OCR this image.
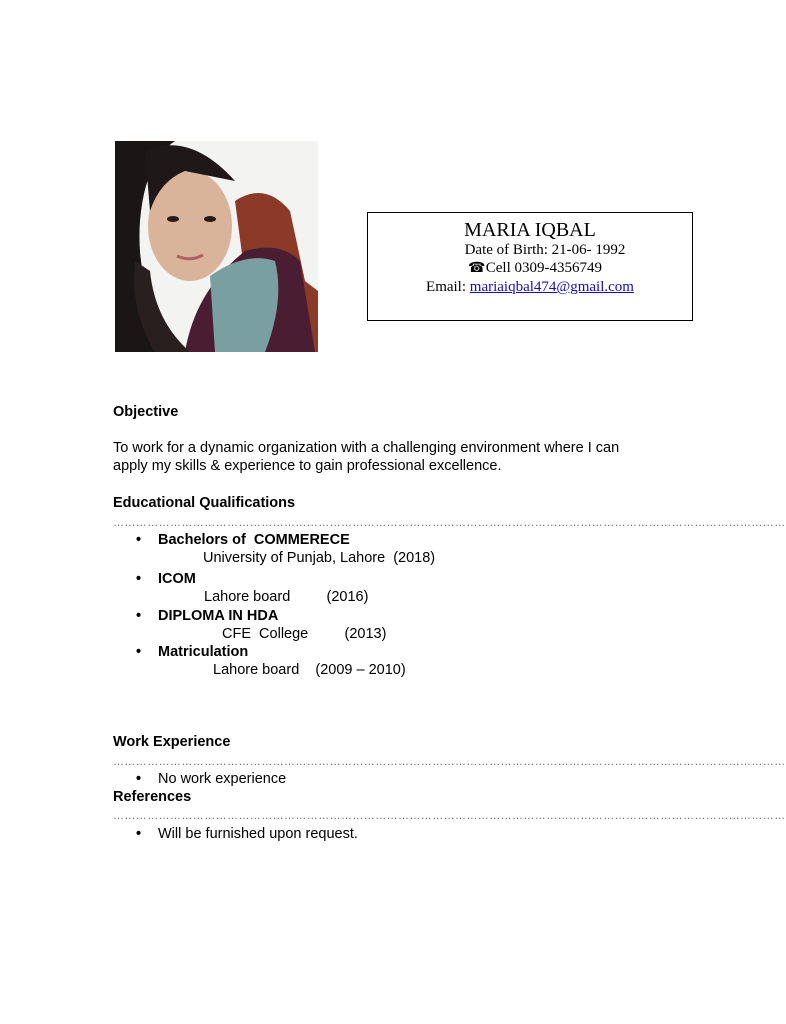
MARIA IQBAL
Date of Birth: 21-06- 1992
☎ Cell 0309-4356749
Email: mariaiqbal474@gmail.com
Objective
To work for a dynamic organization with a challenging environment where I can
apply my skills & experience to gain professional excellence.
Educational Qualifications
……………………………………………………………………………………………………………………………………………………………
• Bachelors of  COMMERECE
University of Punjab, Lahore  (2018)
• ICOM
Lahore board         (2016)
• DIPLOMA IN HDA
CFE  College         (2013)
• Matriculation
Lahore board    (2009 – 2010)
Work Experience
……………………………………………………………………………………………………………………………………………………………
• No work experience
References
……………………………………………………………………………………………………………………………………………………………
• Will be furnished upon request.
